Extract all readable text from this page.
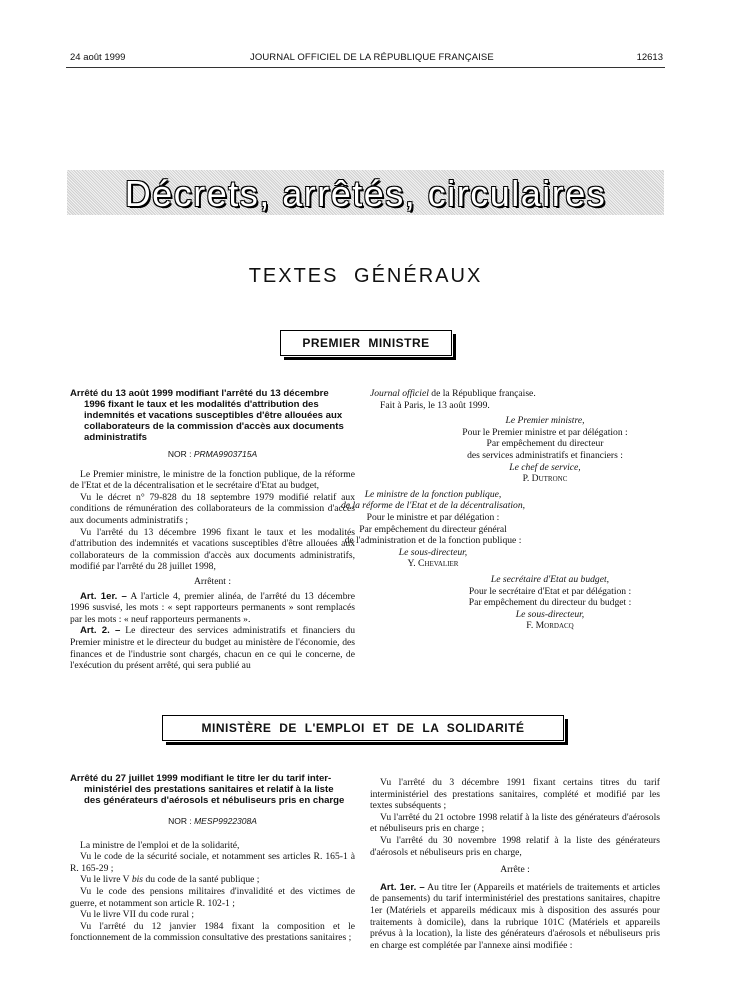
24 août 1999	JOURNAL OFFICIEL DE LA RÉPUBLIQUE FRANÇAISE	12613
Décrets, arrêtés, circulaires
TEXTES GÉNÉRAUX
PREMIER MINISTRE
Arrêté du 13 août 1999 modifiant l'arrêté du 13 décembre
1996 fixant le taux et les modalités d'attribution des
indemnités et vacations susceptibles d'être allouées aux
collaborateurs de la commission d'accès aux documents
administratifs
NOR : PRMA9903715A

Le Premier ministre, le ministre de la fonction publique, de la réforme de l'Etat et de la décentralisation et le secrétaire d'Etat au budget,

Vu le décret n° 79-828 du 18 septembre 1979 modifié relatif aux conditions de rémunération des collaborateurs de la commission d'accès aux documents administratifs ;

Vu l'arrêté du 13 décembre 1996 fixant le taux et les modalités d'attribution des indemnités et vacations susceptibles d'être allouées aux collaborateurs de la commission d'accès aux documents administratifs, modifié par l'arrêté du 28 juillet 1998,

Arrêtent :

Art. 1er. – A l'article 4, premier alinéa, de l'arrêté du 13 décembre 1996 susvisé, les mots : « sept rapporteurs permanents » sont remplacés par les mots : « neuf rapporteurs permanents ».

Art. 2. – Le directeur des services administratifs et financiers du Premier ministre et le directeur du budget au ministère de l'économie, des finances et de l'industrie sont chargés, chacun en ce qui le concerne, de l'exécution du présent arrêté, qui sera publié au

Journal officiel de la République française.

Fait à Paris, le 13 août 1999.

Le Premier ministre,
Pour le Premier ministre et par délégation :
Par empêchement du directeur
des services administratifs et financiers :
Le chef de service,
P. Dutronc
Le ministre de la fonction publique,
de la réforme de l'Etat et de la décentralisation,
Pour le ministre et par délégation :
Par empêchement du directeur général
de l'administration et de la fonction publique :
Le sous-directeur,
Y. Chevalier
Le secrétaire d'Etat au budget,
Pour le secrétaire d'Etat et par délégation :
Par empêchement du directeur du budget :
Le sous-directeur,
F. Mordacq
MINISTÈRE DE L'EMPLOI ET DE LA SOLIDARITÉ
Arrêté du 27 juillet 1999 modifiant le titre Ier du tarif inter-
ministériel des prestations sanitaires et relatif à la liste
des générateurs d'aérosols et nébuliseurs pris en charge
NOR : MESP9922308A

La ministre de l'emploi et de la solidarité,

Vu le code de la sécurité sociale, et notamment ses articles R. 165-1 à R. 165-29 ;

Vu le livre V bis du code de la santé publique ;

Vu le code des pensions militaires d'invalidité et des victimes de guerre, et notamment son article R. 102-1 ;

Vu le livre VII du code rural ;

Vu l'arrêté du 12 janvier 1984 fixant la composition et le fonctionnement de la commission consultative des prestations sanitaires ;

Vu l'arrêté du 3 décembre 1991 fixant certains titres du tarif interministériel des prestations sanitaires, complété et modifié par les textes subséquents ;

Vu l'arrêté du 21 octobre 1998 relatif à la liste des générateurs d'aérosols et nébuliseurs pris en charge ;

Vu l'arrêté du 30 novembre 1998 relatif à la liste des générateurs d'aérosols et nébuliseurs pris en charge,

Arrête :

Art. 1er. – Au titre Ier (Appareils et matériels de traitements et articles de pansements) du tarif interministériel des prestations sanitaires, chapitre 1er (Matériels et appareils médicaux mis à disposition des assurés pour traitements à domicile), dans la rubrique 101C (Matériels et appareils prévus à la location), la liste des générateurs d'aérosols et nébuliseurs pris en charge est complétée par l'annexe ainsi modifiée :
